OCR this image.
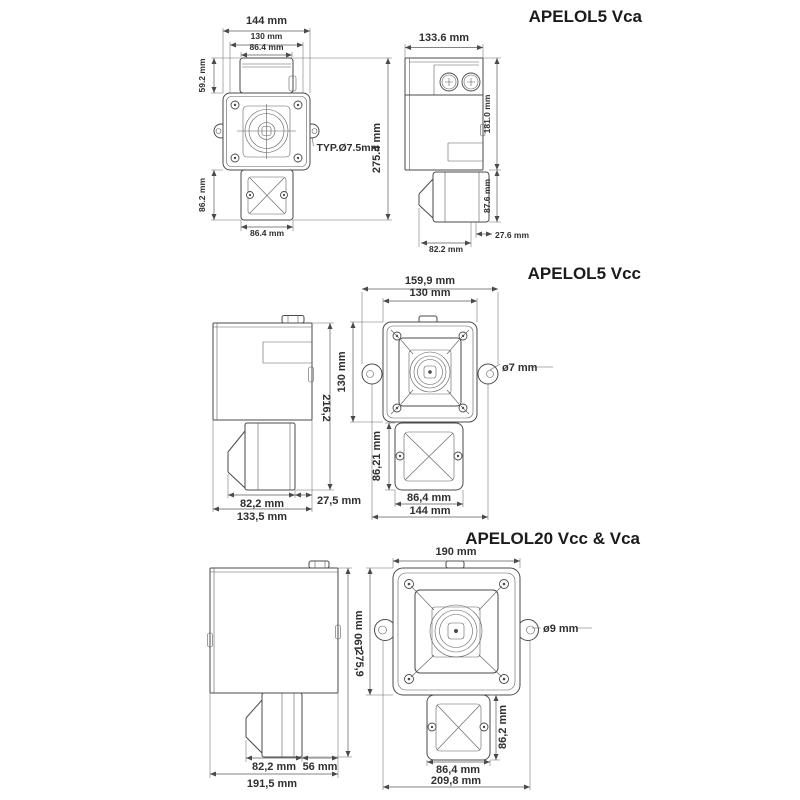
APELOL5 Vca
144 mm
130 mm
86.4 mm
59.2 mm
86.2 mm
275.4 mm
86.4 mm
TYP.Ø7.5mm
133.6 mm
181.0 mm
87.6 mm
27.6 mm
82.2 mm
APELOL5 Vcc
216,2
82,2 mm	27,5 mm
133,5 mm
159,9 mm
130 mm
130 mm	ø7 mm
86,21 mm
86,4 mm
144 mm
APELOL20 Vcc & Vca
275,9
82,2 mm 56 mm
191,5 mm
190 mm
190 mm	ø9 mm
86,2 mm
86,4 mm
209,8 mm
